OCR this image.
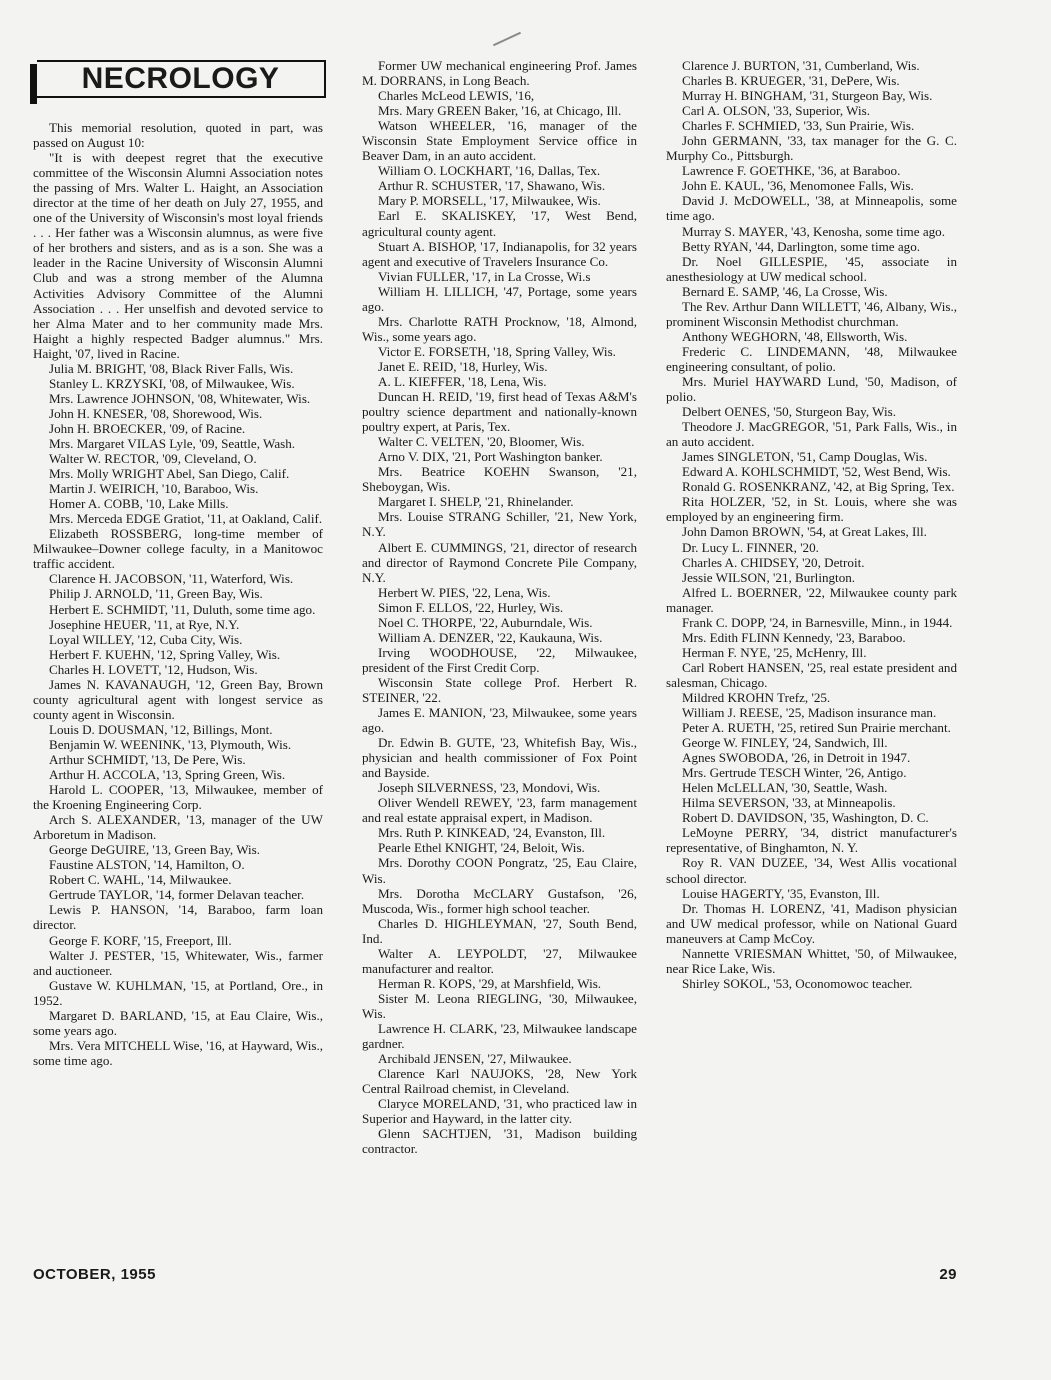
NECROLOGY

This memorial resolution, quoted in part, was passed on August 10:

"It is with deepest regret that the executive committee of the Wisconsin Alumni Association notes the passing of Mrs. Walter L. Haight, an Association director at the time of her death on July 27, 1955, and one of the University of Wisconsin's most loyal friends . . . Her father was a Wisconsin alumnus, as were five of her brothers and sisters, and as is a son. She was a leader in the Racine University of Wisconsin Alumni Club and was a strong member of the Alumna Activities Advisory Committee of the Alumni Association . . . Her unselfish and devoted service to her Alma Mater and to her community made Mrs. Haight a highly respected Badger alumnus." Mrs. Haight, '07, lived in Racine.

Julia M. BRIGHT, '08, Black River Falls, Wis.

Stanley L. KRZYSKI, '08, of Milwaukee, Wis.

Mrs. Lawrence JOHNSON, '08, Whitewater, Wis.

John H. KNESER, '08, Shorewood, Wis.

John H. BROECKER, '09, of Racine.

Mrs. Margaret VILAS Lyle, '09, Seattle, Wash.

Walter W. RECTOR, '09, Cleveland, O.

Mrs. Molly WRIGHT Abel, San Diego, Calif.

Martin J. WEIRICH, '10, Baraboo, Wis.

Homer A. COBB, '10, Lake Mills.

Mrs. Merceda EDGE Gratiot, '11, at Oakland, Calif.

Elizabeth ROSSBERG, long-time member of Milwaukee–Downer college faculty, in a Manitowoc traffic accident.

Clarence H. JACOBSON, '11, Waterford, Wis.

Philip J. ARNOLD, '11, Green Bay, Wis.

Herbert E. SCHMIDT, '11, Duluth, some time ago.

Josephine HEUER, '11, at Rye, N.Y.

Loyal WILLEY, '12, Cuba City, Wis.

Herbert F. KUEHN, '12, Spring Valley, Wis.

Charles H. LOVETT, '12, Hudson, Wis.

James N. KAVANAUGH, '12, Green Bay, Brown county agricultural agent with longest service as county agent in Wisconsin.

Louis D. DOUSMAN, '12, Billings, Mont.

Benjamin W. WEENINK, '13, Plymouth, Wis.

Arthur SCHMIDT, '13, De Pere, Wis.

Arthur H. ACCOLA, '13, Spring Green, Wis.

Harold L. COOPER, '13, Milwaukee, member of the Kroening Engineering Corp.

Arch S. ALEXANDER, '13, manager of the UW Arboretum in Madison.

George DeGUIRE, '13, Green Bay, Wis.

Faustine ALSTON, '14, Hamilton, O.

Robert C. WAHL, '14, Milwaukee.

Gertrude TAYLOR, '14, former Delavan teacher.

Lewis P. HANSON, '14, Baraboo, farm loan director.

George F. KORF, '15, Freeport, Ill.

Walter J. PESTER, '15, Whitewater, Wis., farmer and auctioneer.

Gustave W. KUHLMAN, '15, at Portland, Ore., in 1952.

Margaret D. BARLAND, '15, at Eau Claire, Wis., some years ago.

Mrs. Vera MITCHELL Wise, '16, at Hayward, Wis., some time ago.

Former UW mechanical engineering Prof. James M. DORRANS, in Long Beach.

Charles McLeod LEWIS, '16,

Mrs. Mary GREEN Baker, '16, at Chicago, Ill.

Watson WHEELER, '16, manager of the Wisconsin State Employment Service office in Beaver Dam, in an auto accident.

William O. LOCKHART, '16, Dallas, Tex.

Arthur R. SCHUSTER, '17, Shawano, Wis.

Mary P. MORSELL, '17, Milwaukee, Wis.

Earl E. SKALISKEY, '17, West Bend, agricultural county agent.

Stuart A. BISHOP, '17, Indianapolis, for 32 years agent and executive of Travelers Insurance Co.

Vivian FULLER, '17, in La Crosse, Wi.s

William H. LILLICH, '47, Portage, some years ago.

Mrs. Charlotte RATH Procknow, '18, Almond, Wis., some years ago.

Victor E. FORSETH, '18, Spring Valley, Wis.

Janet E. REID, '18, Hurley, Wis.

A. L. KIEFFER, '18, Lena, Wis.

Duncan H. REID, '19, first head of Texas A&M's poultry science department and nationally-known poultry expert, at Paris, Tex.

Walter C. VELTEN, '20, Bloomer, Wis.

Arno V. DIX, '21, Port Washington banker.

Mrs. Beatrice KOEHN Swanson, '21, Sheboygan, Wis.

Margaret I. SHELP, '21, Rhinelander.

Mrs. Louise STRANG Schiller, '21, New York, N.Y.

Albert E. CUMMINGS, '21, director of research and director of Raymond Concrete Pile Company, N.Y.

Herbert W. PIES, '22, Lena, Wis.

Simon F. ELLOS, '22, Hurley, Wis.

Noel C. THORPE, '22, Auburndale, Wis.

William A. DENZER, '22, Kaukauna, Wis.

Irving WOODHOUSE, '22, Milwaukee, president of the First Credit Corp.

Wisconsin State college Prof. Herbert R. STEINER, '22.

James E. MANION, '23, Milwaukee, some years ago.

Dr. Edwin B. GUTE, '23, Whitefish Bay, Wis., physician and health commissioner of Fox Point and Bayside.

Joseph SILVERNESS, '23, Mondovi, Wis.

Oliver Wendell REWEY, '23, farm management and real estate appraisal expert, in Madison.

Mrs. Ruth P. KINKEAD, '24, Evanston, Ill.

Pearle Ethel KNIGHT, '24, Beloit, Wis.

Mrs. Dorothy COON Pongratz, '25, Eau Claire, Wis.

Mrs. Dorotha McCLARY Gustafson, '26, Muscoda, Wis., former high school teacher.

Charles D. HIGHLEYMAN, '27, South Bend, Ind.

Walter A. LEYPOLDT, '27, Milwaukee manufacturer and realtor.

Herman R. KOPS, '29, at Marshfield, Wis.

Sister M. Leona RIEGLING, '30, Milwaukee, Wis.

Lawrence H. CLARK, '23, Milwaukee landscape gardner.

Archibald JENSEN, '27, Milwaukee.

Clarence Karl NAUJOKS, '28, New York Central Railroad chemist, in Cleveland.

Claryce MORELAND, '31, who practiced law in Superior and Hayward, in the latter city.

Glenn SACHTJEN, '31, Madison building contractor.

Clarence J. BURTON, '31, Cumberland, Wis.

Charles B. KRUEGER, '31, DePere, Wis.

Murray H. BINGHAM, '31, Sturgeon Bay, Wis.

Carl A. OLSON, '33, Superior, Wis.

Charles F. SCHMIED, '33, Sun Prairie, Wis.

John GERMANN, '33, tax manager for the G. C. Murphy Co., Pittsburgh.

Lawrence F. GOETHKE, '36, at Baraboo.

John E. KAUL, '36, Menomonee Falls, Wis.

David J. McDOWELL, '38, at Minneapolis, some time ago.

Murray S. MAYER, '43, Kenosha, some time ago.

Betty RYAN, '44, Darlington, some time ago.

Dr. Noel GILLESPIE, '45, associate in anesthesiology at UW medical school.

Bernard E. SAMP, '46, La Crosse, Wis.

The Rev. Arthur Dann WILLETT, '46, Albany, Wis., prominent Wisconsin Methodist churchman.

Anthony WEGHORN, '48, Ellsworth, Wis.

Frederic C. LINDEMANN, '48, Milwaukee engineering consultant, of polio.

Mrs. Muriel HAYWARD Lund, '50, Madison, of polio.

Delbert OENES, '50, Sturgeon Bay, Wis.

Theodore J. MacGREGOR, '51, Park Falls, Wis., in an auto accident.

James SINGLETON, '51, Camp Douglas, Wis.

Edward A. KOHLSCHMIDT, '52, West Bend, Wis.

Ronald G. ROSENKRANZ, '42, at Big Spring, Tex.

Rita HOLZER, '52, in St. Louis, where she was employed by an engineering firm.

John Damon BROWN, '54, at Great Lakes, Ill.

Dr. Lucy L. FINNER, '20.

Charles A. CHIDSEY, '20, Detroit.

Jessie WILSON, '21, Burlington.

Alfred L. BOERNER, '22, Milwaukee county park manager.

Frank C. DOPP, '24, in Barnesville, Minn., in 1944.

Mrs. Edith FLINN Kennedy, '23, Baraboo.

Herman F. NYE, '25, McHenry, Ill.

Carl Robert HANSEN, '25, real estate president and salesman, Chicago.

Mildred KROHN Trefz, '25.

William J. REESE, '25, Madison insurance man.

Peter A. RUETH, '25, retired Sun Prairie merchant.

George W. FINLEY, '24, Sandwich, Ill.

Agnes SWOBODA, '26, in Detroit in 1947.

Mrs. Gertrude TESCH Winter, '26, Antigo.

Helen McLELLAN, '30, Seattle, Wash.

Hilma SEVERSON, '33, at Minneapolis.

Robert D. DAVIDSON, '35, Washington, D. C.

LeMoyne PERRY, '34, district manufacturer's representative, of Binghamton, N. Y.

Roy R. VAN DUZEE, '34, West Allis vocational school director.

Louise HAGERTY, '35, Evanston, Ill.

Dr. Thomas H. LORENZ, '41, Madison physician and UW medical professor, while on National Guard maneuvers at Camp McCoy.

Nannette VRIESMAN Whittet, '50, of Milwaukee, near Rice Lake, Wis.

Shirley SOKOL, '53, Oconomowoc teacher.

OCTOBER, 1955	29
